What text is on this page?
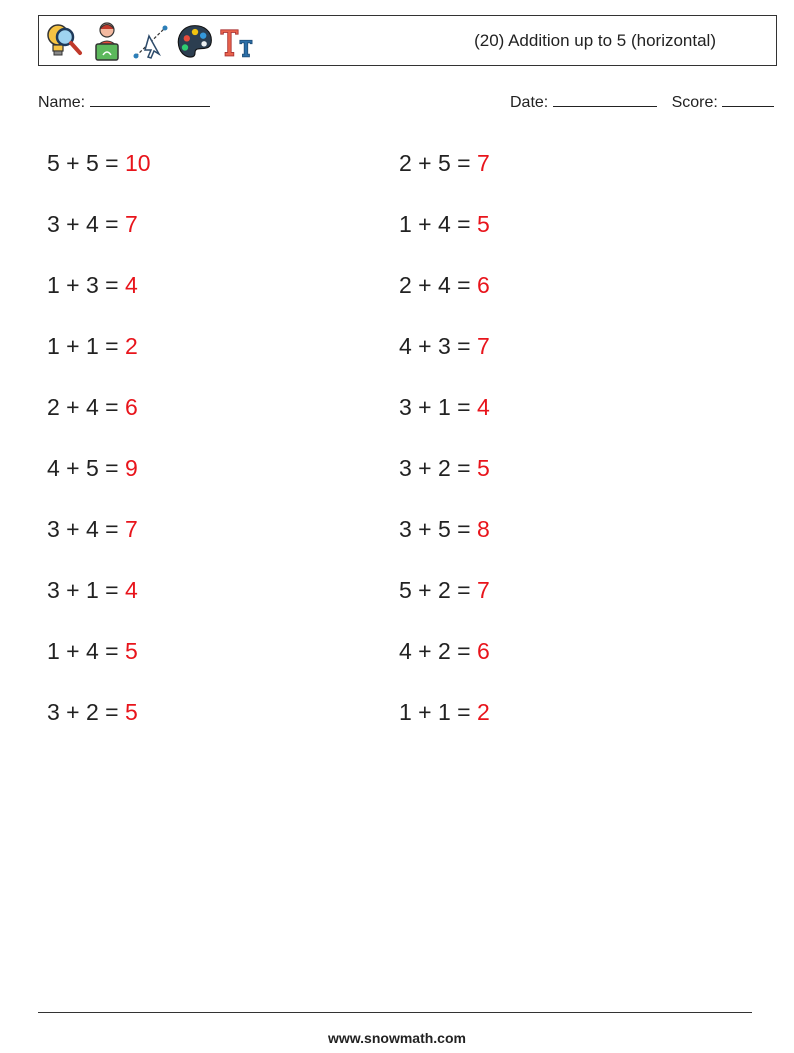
(20) Addition up to 5 (horizontal)
Name:	Date:	Score:
5 + 5 = 10
3 + 4 = 7
1 + 3 = 4
1 + 1 = 2
2 + 4 = 6
4 + 5 = 9
3 + 4 = 7
3 + 1 = 4
1 + 4 = 5
3 + 2 = 5
2 + 5 = 7
1 + 4 = 5
2 + 4 = 6
4 + 3 = 7
3 + 1 = 4
3 + 2 = 5
3 + 5 = 8
5 + 2 = 7
4 + 2 = 6
1 + 1 = 2
www.snowmath.com
